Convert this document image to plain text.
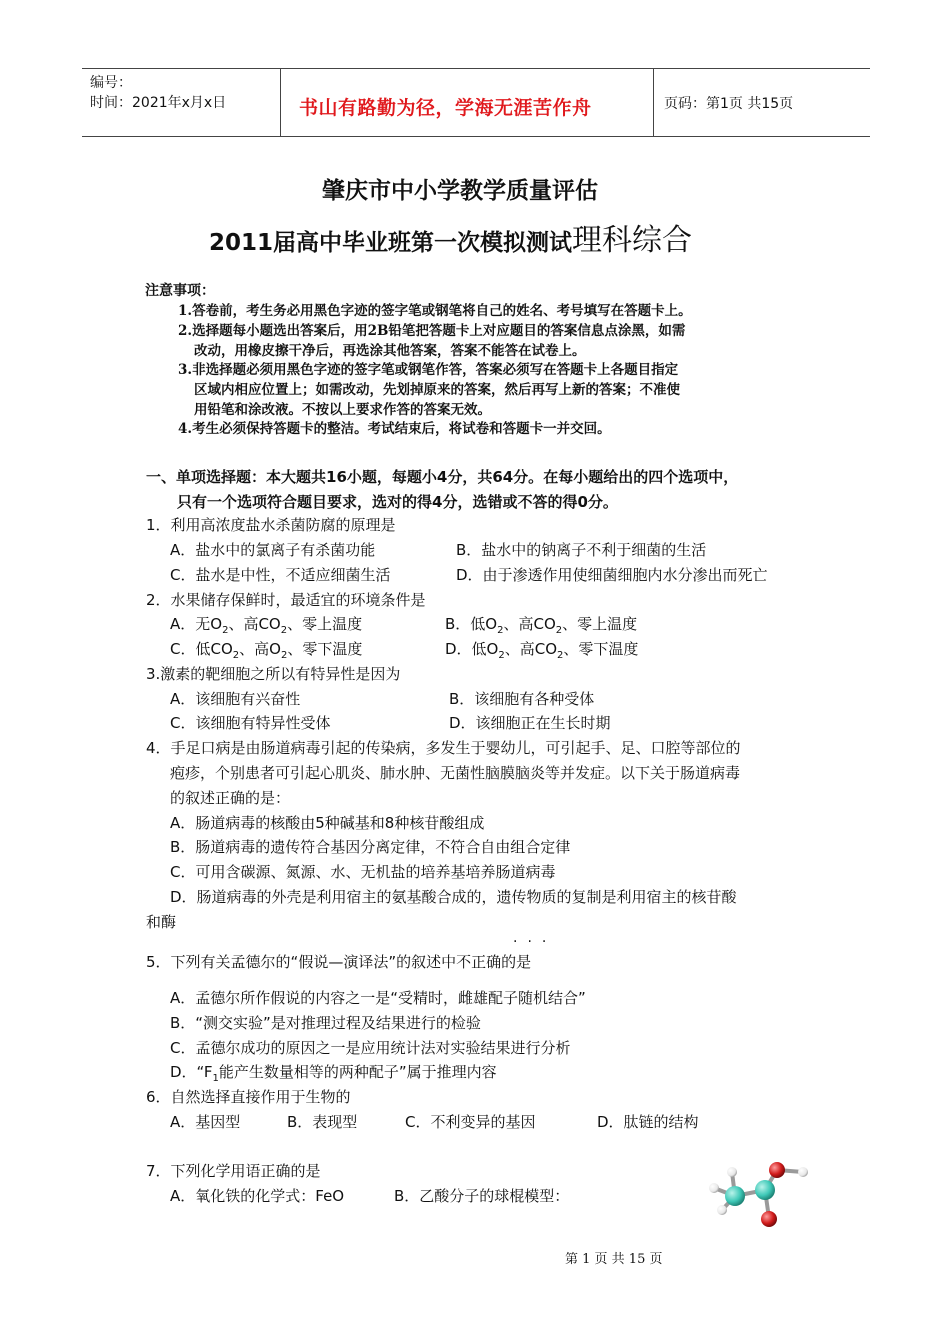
编号：
时间：2021年x月x日	书山有路勤为径，学海无涯苦作舟	页码：第1页 共15页
肇庆市中小学教学质量评估
2011届高中毕业班第一次模拟测试理科综合
注意事项：
1.答卷前，考生务必用黑色字迹的签字笔或钢笔将自己的姓名、考号填写在答题卡上。
2.选择题每小题选出答案后，用2B铅笔把答题卡上对应题目的答案信息点涂黑，如需
改动，用橡皮擦干净后，再选涂其他答案，答案不能答在试卷上。
3.非选择题必须用黑色字迹的签字笔或钢笔作答，答案必须写在答题卡上各题目指定
区域内相应位置上；如需改动，先划掉原来的答案，然后再写上新的答案；不准使
用铅笔和涂改液。不按以上要求作答的答案无效。
4.考生必须保持答题卡的整洁。考试结束后，将试卷和答题卡一并交回。
一、单项选择题：本大题共16小题，每题小4分，共64分。在每小题给出的四个选项中，
只有一个选项符合题目要求，选对的得4分，选错或不答的得0分。
1．利用高浓度盐水杀菌防腐的原理是
A．盐水中的氯离子有杀菌功能	B．盐水中的钠离子不利于细菌的生活
C．盐水是中性，不适应细菌生活	D．由于渗透作用使细菌细胞内水分渗出而死亡
2．水果储存保鲜时，最适宜的环境条件是
A．无$O_2$、高$CO_2$、零上温度	B．低$O_2$、高$CO_2$、零上温度
C．低$CO_2$、高$O_2$、零下温度	D．低$O_2$、高$CO_2$、零下温度
3.激素的靶细胞之所以有特异性是因为
A．该细胞有兴奋性	B．该细胞有各种受体
C．该细胞有特异性受体	D．该细胞正在生长时期
4．手足口病是由肠道病毒引起的传染病，多发生于婴幼儿，可引起手、足、口腔等部位的
疱疹，个别患者可引起心肌炎、肺水肿、无菌性脑膜脑炎等并发症。以下关于肠道病毒
的叙述正确的是：
A．肠道病毒的核酸由5种碱基和8种核苷酸组成
B．肠道病毒的遗传符合基因分离定律，不符合自由组合定律
C．可用含碳源、氮源、水、无机盐的培养基培养肠道病毒
D．肠道病毒的外壳是利用宿主的氨基酸合成的，遗传物质的复制是利用宿主的核苷酸
和酶
···
5．下列有关孟德尔的“假说—演译法”的叙述中不正确的是
A．孟德尔所作假说的内容之一是“受精时，雌雄配子随机结合”
B．“测交实验”是对推理过程及结果进行的检验
C．孟德尔成功的原因之一是应用统计法对实验结果进行分析
D．“$F_1$能产生数量相等的两种配子”属于推理内容
6．自然选择直接作用于生物的
A．基因型	B．表现型	C．不利变异的基因	D．肽链的结构
7．下列化学用语正确的是
A．氧化铁的化学式：FeO	B．乙酸分子的球棍模型：
第 1 页 共 15 页
